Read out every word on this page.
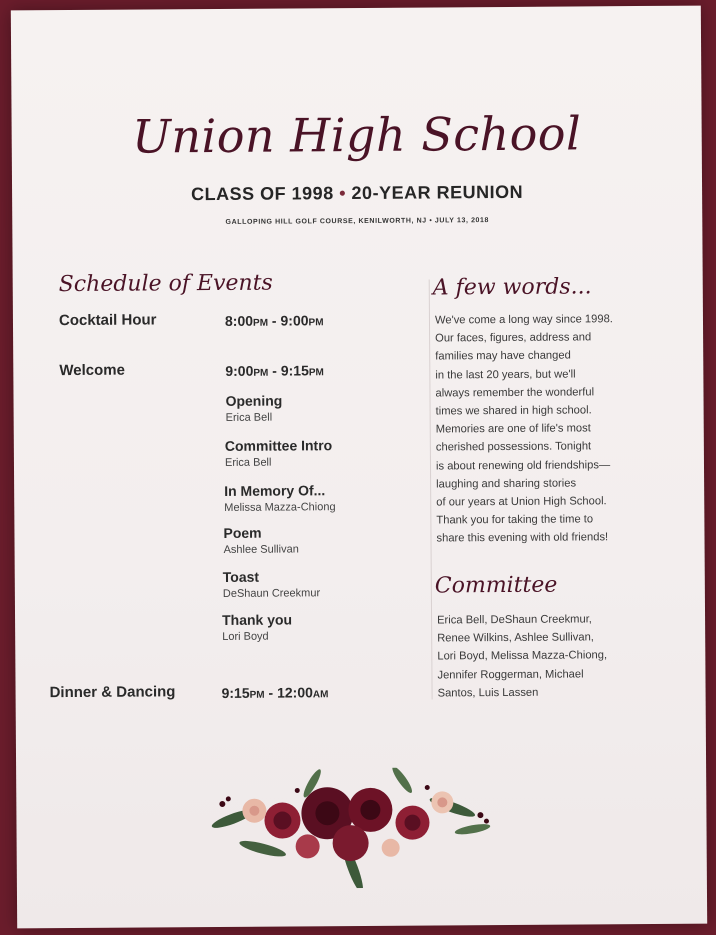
Union High School
CLASS OF 1998 • 20-YEAR REUNION
GALLOPING HILL GOLF COURSE, KENILWORTH, NJ • JULY 13, 2018
Schedule of Events
Cocktail Hour	8:00PM - 9:00PM
Welcome	9:00PM - 9:15PM
Opening
Erica Bell
Committee Intro
Erica Bell
In Memory Of...
Melissa Mazza-Chiong
Poem
Ashlee Sullivan
Toast
DeShaun Creekmur
Thank you
Lori Boyd
Dinner & Dancing	9:15PM - 12:00AM
A few words...
We've come a long way since 1998.
Our faces, figures, address and
families may have changed
in the last 20 years, but we'll
always remember the wonderful
times we shared in high school.
Memories are one of life's most
cherished possessions. Tonight
is about renewing old friendships—
laughing and sharing stories
of our years at Union High School.
Thank you for taking the time to
share this evening with old friends!
Committee
Erica Bell, DeShaun Creekmur,
Renee Wilkins, Ashlee Sullivan,
Lori Boyd, Melissa Mazza-Chiong,
Jennifer Roggerman, Michael
Santos, Luis Lassen
